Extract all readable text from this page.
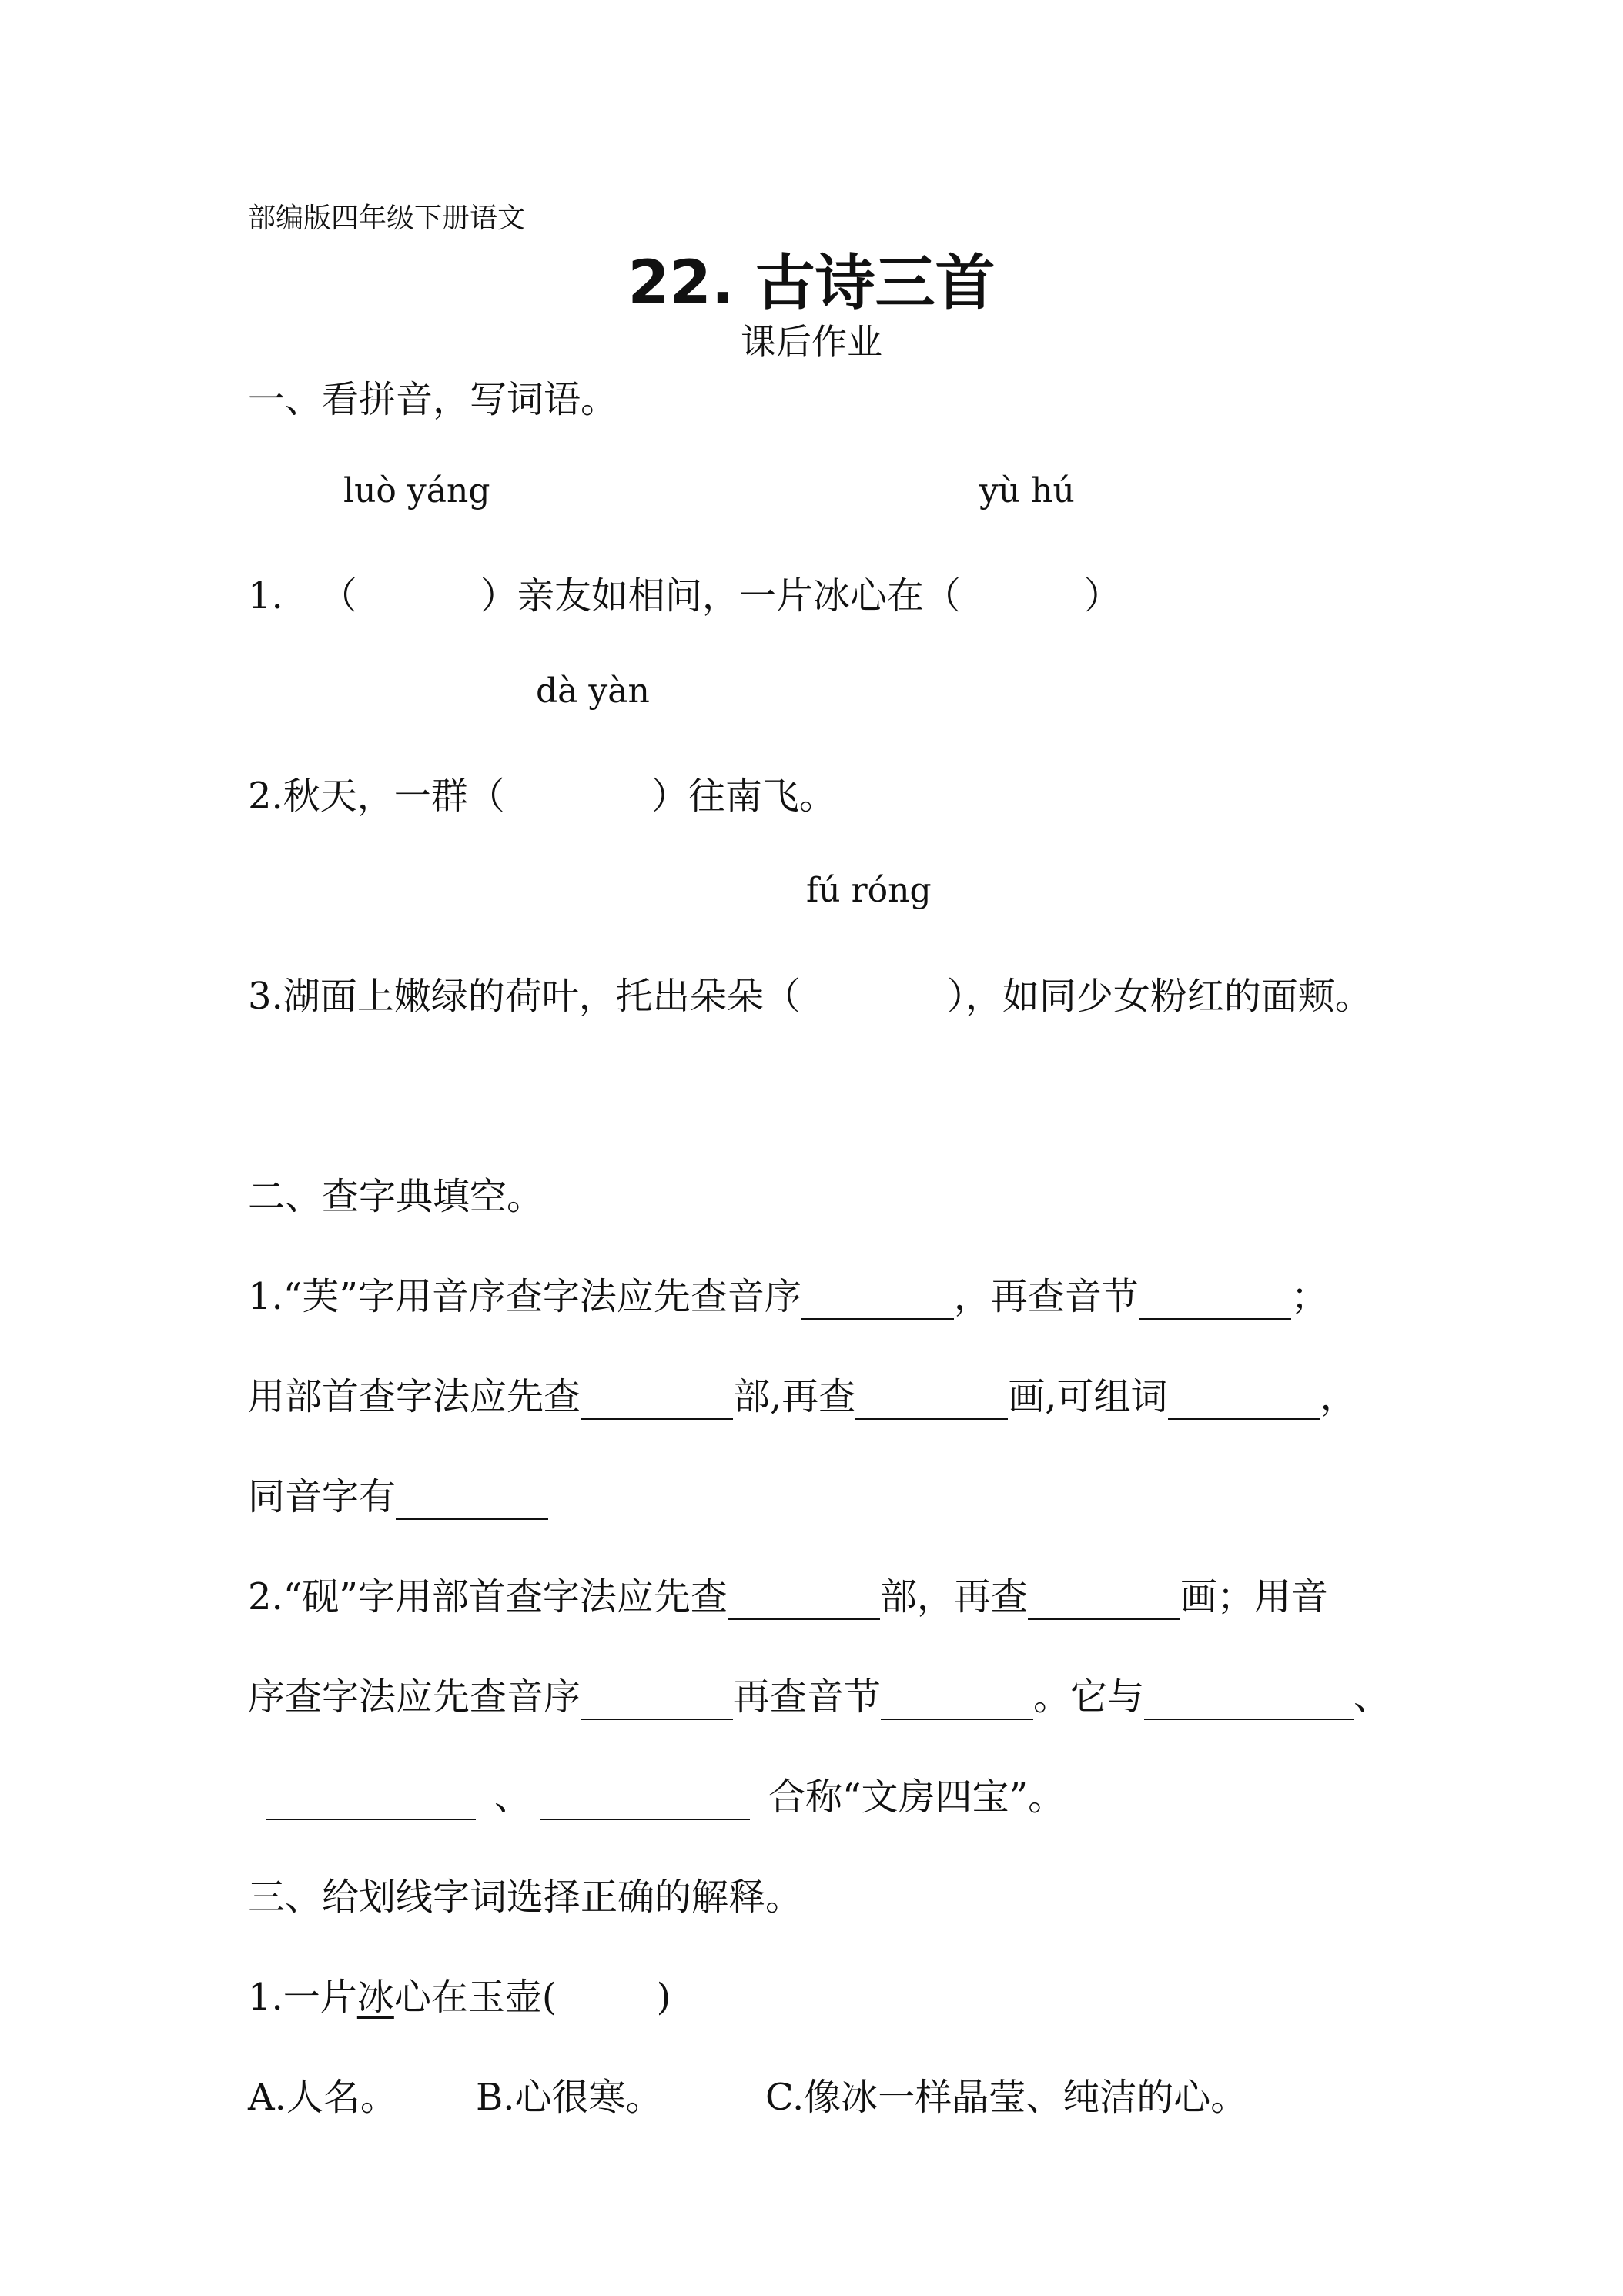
部编版四年级下册语文
22. 古诗三首
课后作业
一、看拼音，写词语。
luò yáng	yù hú
1. （	）亲友如相问，一片冰心在（	）
dà yàn
2.秋天，一群（	）往南飞。
fú róng
3.湖面上嫩绿的荷叶，托出朵朵（	），如同少女粉红的面颊。
二、查字典填空。
1.“芙”字用音序查字法应先查音序	，再查音节	；
用部首查字法应先查	部,再查	画,可组词	，
同音字有
2.“砚”字用部首查字法应先查	部，再查	画；用音
序查字法应先查音序	再查音节	。它与	、
、	合称“文房四宝”。
三、给划线字词选择正确的解释。
1.一片冰心在玉壶(	)
A.人名。 B.心很寒。	C.像冰一样晶莹、纯洁的心。
